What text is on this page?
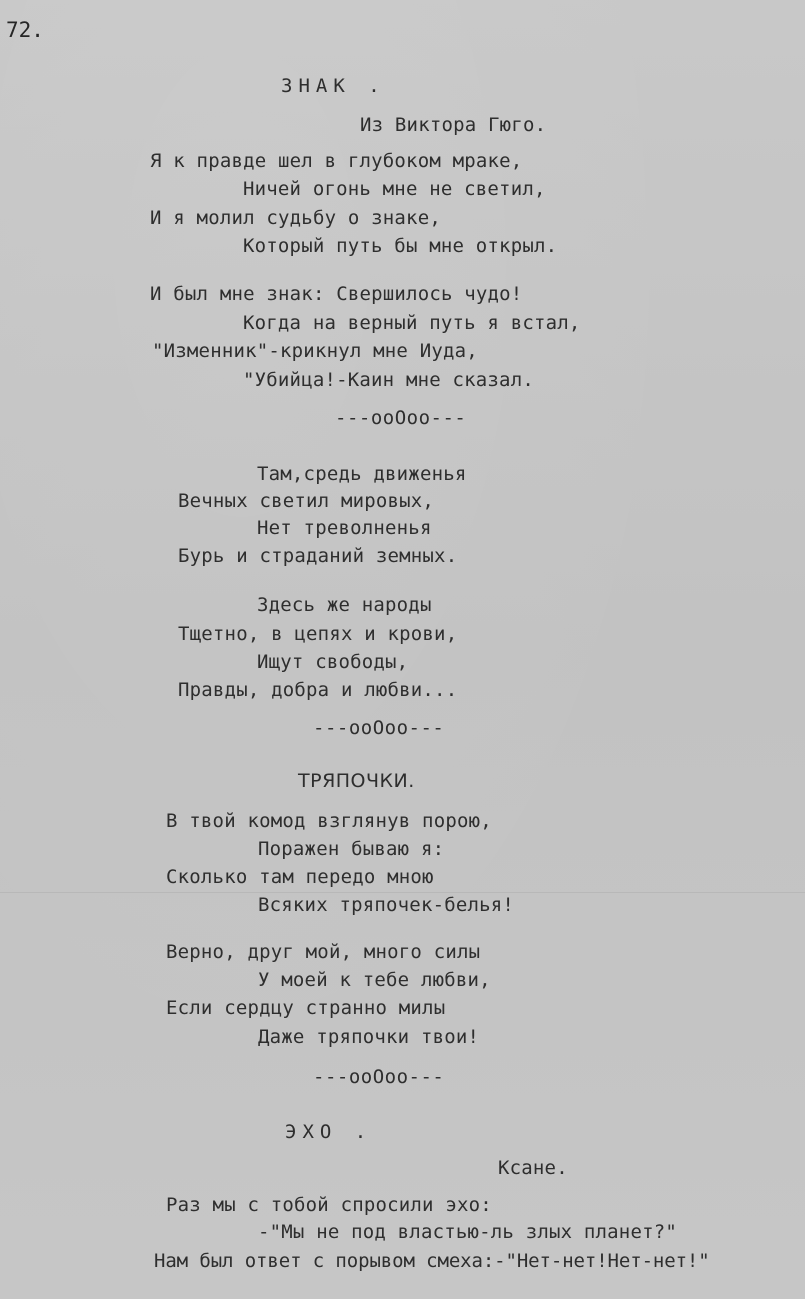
72.
ЗНАК .
Из Виктора Гюго.
Я к правде шел в глубоком мраке,
Ничей огонь мне не светил,
И я молил судьбу о знаке,
Который путь бы мне открыл.
И был мне знак: Свершилось чудо!
Когда на верный путь я встал,
"Изменник"-крикнул мне Иуда,
"Убийца!-Каин мне сказал.
---ooOoo---
Там,средь движенья
Вечных светил мировых,
Нет треволненья
Бурь и страданий земных.
Здесь же народы
Тщетно, в цепях и крови,
Ищут свободы,
Правды, добра и любви...
---ooOoo---
ТРЯПОЧКИ.
В твой комод взглянув порою,
Поражен бываю я:
Сколько там передо мною
Всяких тряпочек-белья!
Верно, друг мой, много силы
У моей к тебе любви,
Если сердцу странно милы
Даже тряпочки твои!
---ooOoo---
ЭХО .
Ксане.
Раз мы с тобой спросили эхо:
-"Мы не под властью-ль злых планет?"
Нам был ответ с порывом смеха:-"Нет-нет!Нет-нет!"
